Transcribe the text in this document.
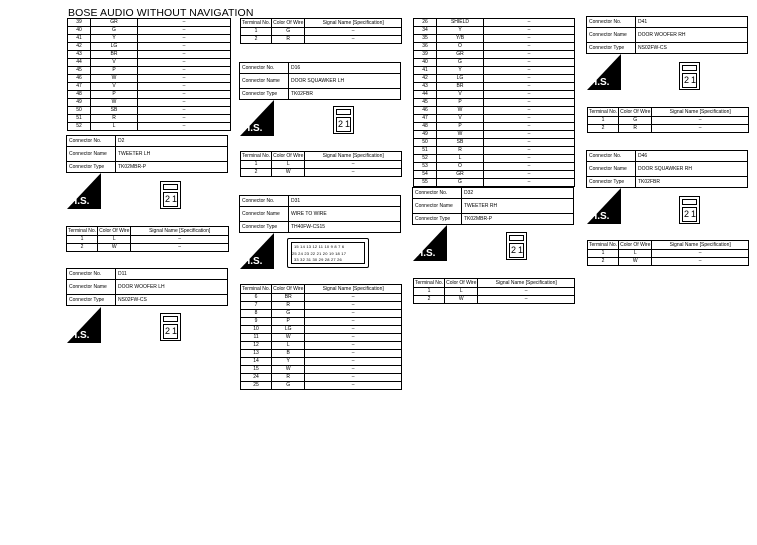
BOSE AUDIO WITHOUT NAVIGATION
39	GR	–
40	G	–
41	Y	–
42	LG	–
43	BR	–
44	V	–
45	P	–
46	W	–
47	V	–
48	P	–
49	W	–
50	SB	–
51	R	–
52	L	–
Connector No.	D2
Connector Name	TWEETER LH
Connector Type	TK02MBR-P
H.S.	2 1
Terminal No.	Color Of Wire	Signal Name [Specification]
1	L	–
2	W	–
Connector No.	D11
Connector Name	DOOR WOOFER LH
Connector Type	NS02FW-CS
H.S.	2 1
Terminal No.	Color Of Wire	Signal Name [Specification]
1	G	–
2	R	–
Connector No.	D16
Connector Name	DOOR SQUAWKER LH
Connector Type	TK02FBR
H.S.	2 1
Terminal No.	Color Of Wire	Signal Name [Specification]
1	L	–
2	W	–
Connector No.	D31
Connector Name	WIRE TO WIRE
Connector Type	TH40FW-CS15
H.S.
15 14 13 12 11 10 9 8 7 6
25 24 23 22 21 20 19 18 17
33 32 31 30 29 28 27 26
Terminal No.	Color Of Wire	Signal Name [Specification]
6	BR	–
7	R	–
8	G	–
9	P	–
10	LG	–
11	W	–
12	L	–
13	B	–
14	Y	–
15	W	–
24	R	–
25	G	–
26	SHIELD	–
34	Y	–
35	Y/B	–
36	O	–
39	GR	–
40	G	–
41	Y	–
42	LG	–
43	BR	–
44	V	–
45	P	–
46	W	–
47	V	–
48	P	–
49	W	–
50	SB	–
51	R	–
52	L	–
53	O	–
54	GR	–
55	G	–
Connector No.	D32
Connector Name	TWEETER RH
Connector Type	TK02MBR-P
H.S.	2 1
Terminal No.	Color Of Wire	Signal Name [Specification]
1	L	–
2	W	–
Connector No.	D41
Connector Name	DOOR WOOFER RH
Connector Type	NS02FW-CS
H.S.	2 1
Terminal No.	Color Of Wire	Signal Name [Specification]
1	G	–
2	R	–
Connector No.	D46
Connector Name	DOOR SQUAWKER RH
Connector Type	TK02FBR
H.S.	2 1
Terminal No.	Color Of Wire	Signal Name [Specification]
1	L	–
2	W	–
